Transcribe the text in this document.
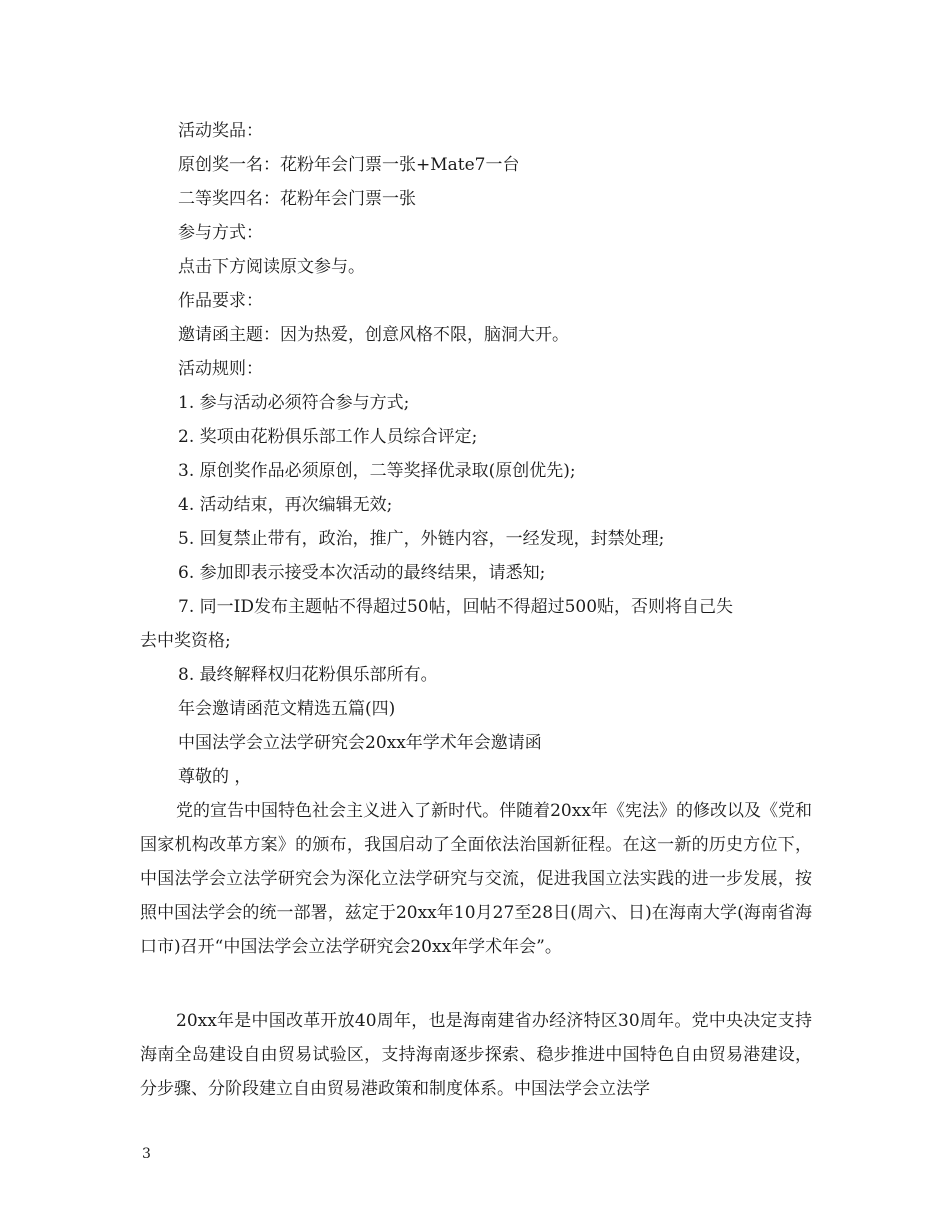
活动奖品：
原创奖一名：花粉年会门票一张+Mate7一台
二等奖四名：花粉年会门票一张
参与方式：
点击下方阅读原文参与。
作品要求：
邀请函主题：因为热爱，创意风格不限，脑洞大开。
活动规则：
1. 参与活动必须符合参与方式;
2. 奖项由花粉俱乐部工作人员综合评定;
3. 原创奖作品必须原创，二等奖择优录取(原创优先);
4. 活动结束，再次编辑无效;
5. 回复禁止带有，政治，推广，外链内容，一经发现，封禁处理;
6. 参加即表示接受本次活动的最终结果，请悉知;
7. 同一ID发布主题帖不得超过50帖，回帖不得超过500贴，否则将自己失
去中奖资格;
8. 最终解释权归花粉俱乐部所有。
年会邀请函范文精选五篇(四)
中国法学会立法学研究会20xx年学术年会邀请函
尊敬的 ，
党的宣告中国特色社会主义进入了新时代。伴随着20xx年《宪法》的修改以及《党和国家机构改革方案》的颁布，我国启动了全面依法治国新征程。在这一新的历史方位下，中国法学会立法学研究会为深化立法学研究与交流，促进我国立法实践的进一步发展，按照中国法学会的统一部署，兹定于20xx年10月27至28日(周六、日)在海南大学(海南省海口市)召开“中国法学会立法学研究会20xx年学术年会”。
20xx年是中国改革开放40周年，也是海南建省办经济特区30周年。党中央决定支持海南全岛建设自由贸易试验区，支持海南逐步探索、稳步推进中国特色自由贸易港建设，分步骤、分阶段建立自由贸易港政策和制度体系。中国法学会立法学
3
